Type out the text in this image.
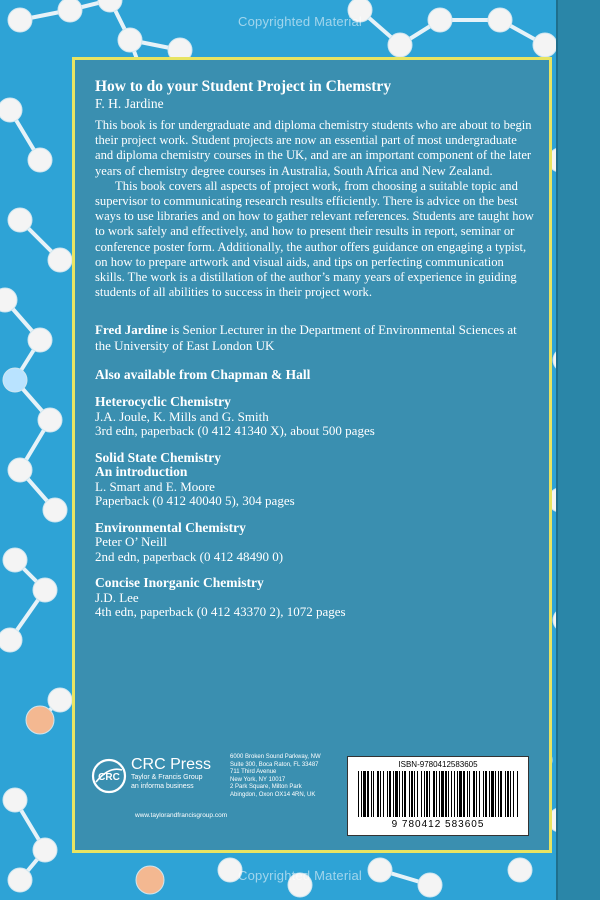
Copyrighted Material
How to do your Student Project in Chemstry
F. H. Jardine

This book is for undergraduate and diploma chemistry students who are about to begin their project work. Student projects are now an essential part of most undergraduate and diploma chemistry courses in the UK, and are an important component of the later years of chemistry degree courses in Australia, South Africa and New Zealand.

This book covers all aspects of project work, from choosing a suitable topic and supervisor to communicating research results efficiently. There is advice on the best ways to use libraries and on how to gather relevant references. Students are taught how to work safely and effectively, and how to present their results in report, seminar or conference poster form. Additionally, the author offers guidance on engaging a typist, on how to prepare artwork and visual aids, and tips on perfecting communication skills. The work is a distillation of the author’s many years of experience in guiding students of all abilities to success in their project work.

Fred Jardine is Senior Lecturer in the Department of Environmental Sciences at the University of East London UK
Also available from Chapman & Hall
Heterocyclic Chemistry
J.A. Joule, K. Mills and G. Smith
3rd edn, paperback (0 412 41340 X), about 500 pages
Solid State Chemistry
An introduction
L. Smart and E. Moore
Paperback (0 412 40040 5), 304 pages
Environmental Chemistry
Peter O’ Neill
2nd edn, paperback (0 412 48490 0)
Concise Inorganic Chemistry
J.D. Lee
4th edn, paperback (0 412 43370 2), 1072 pages
CRC
CRC Press
Taylor & Francis Group
an informa business
www.taylorandfrancisgroup.com
6000 Broken Sound Parkway, NW
Suite 300, Boca Raton, FL 33487
711 Third Avenue
New York, NY 10017
2 Park Square, Milton Park
Abingdon, Oxon OX14 4RN, UK
ISBN-9780412583605
9 780412 583605
Copyrighted Material
